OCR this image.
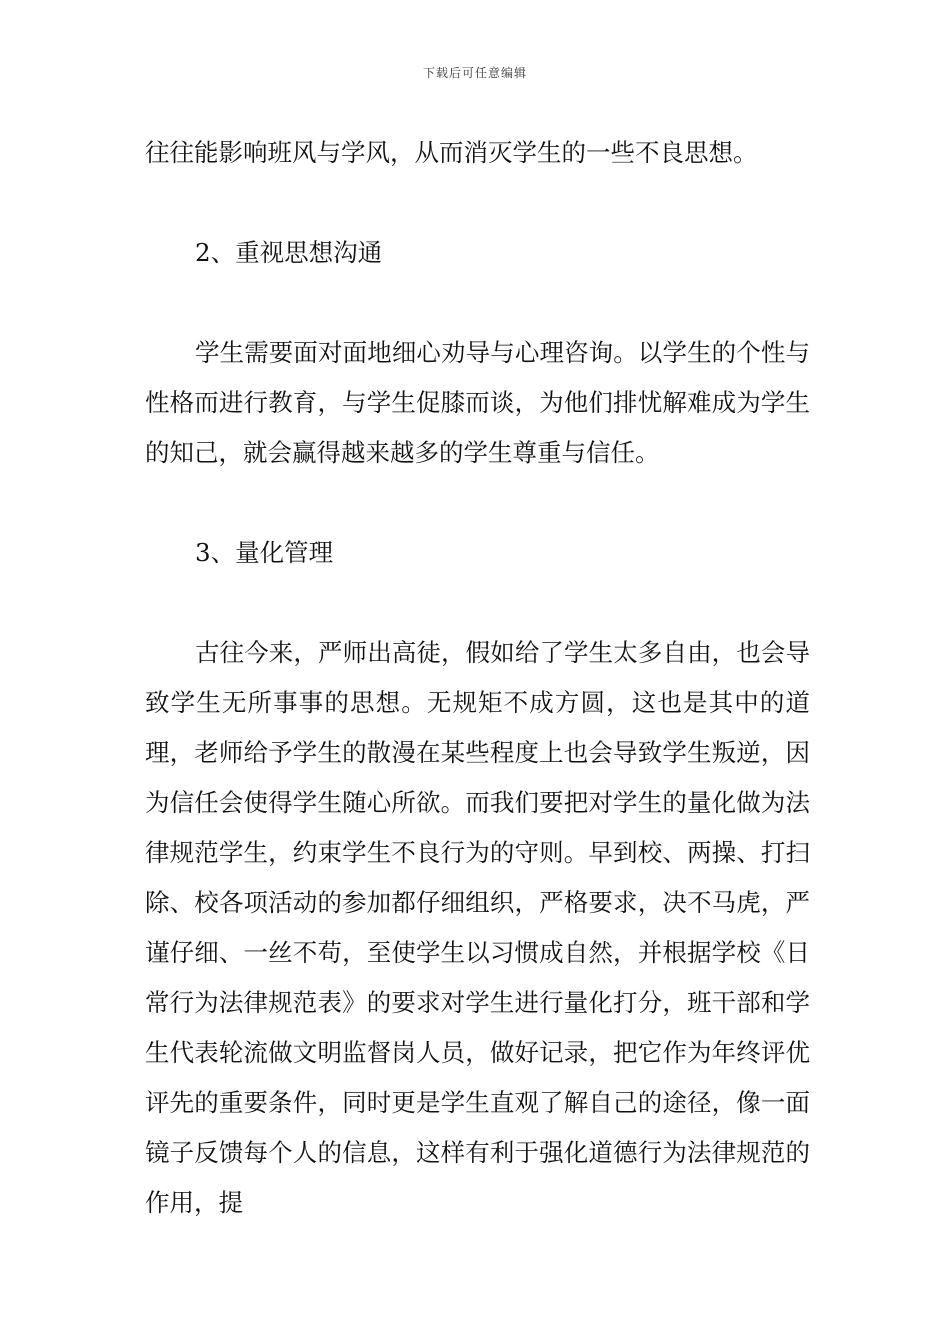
下载后可任意编辑

往往能影响班风与学风，从而消灭学生的一些不良思想。

2、重视思想沟通

学生需要面对面地细心劝导与心理咨询。以学生的个性与性格而进行教育，与学生促膝而谈，为他们排忧解难成为学生的知己，就会赢得越来越多的学生尊重与信任。

3、量化管理

古往今来，严师出高徒，假如给了学生太多自由，也会导致学生无所事事的思想。无规矩不成方圆，这也是其中的道理，老师给予学生的散漫在某些程度上也会导致学生叛逆，因为信任会使得学生随心所欲。而我们要把对学生的量化做为法律规范学生，约束学生不良行为的守则。早到校、两操、打扫除、校各项活动的参加都仔细组织，严格要求，决不马虎，严谨仔细、一丝不苟，至使学生以习惯成自然，并根据学校《日常行为法律规范表》的要求对学生进行量化打分，班干部和学生代表轮流做文明监督岗人员，做好记录，把它作为年终评优评先的重要条件，同时更是学生直观了解自己的途径，像一面镜子反馈每个人的信息，这样有利于强化道德行为法律规范的作用，提
